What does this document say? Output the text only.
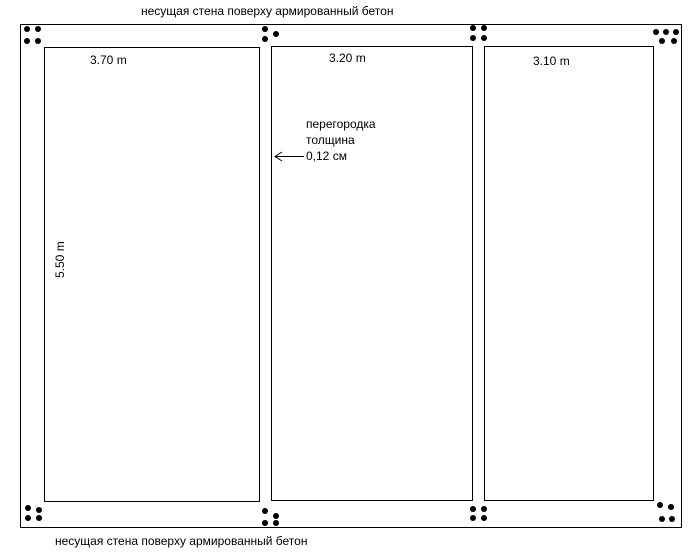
несущая стена поверху армированный бетон
несущая стена поверху армированный бетон
3.70 m	3.20 m	3.10 m
5.50 m
перегородка
толщина
0,12 см
